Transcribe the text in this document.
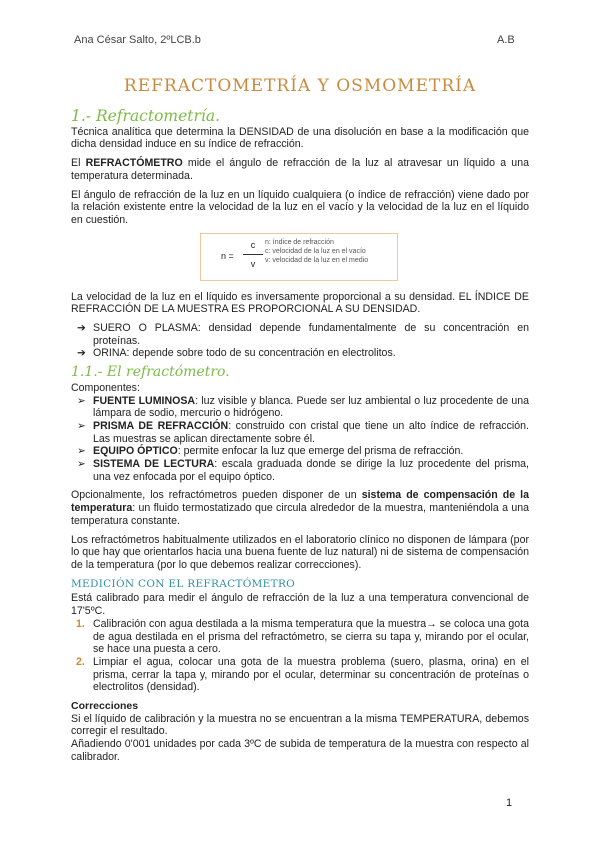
Ana César Salto, 2ºLCB.b	A.B
REFRACTOMETRÍA Y OSMOMETRÍA
1.- Refractometría.

Técnica analítica que determina la DENSIDAD de una disolución en base a la modificación que dicha densidad induce en su índice de refracción.

El REFRACTÓMETRO mide el ángulo de refracción de la luz al atravesar un líquido a una temperatura determinada.

El ángulo de refracción de la luz en un líquido cualquiera (o índice de refracción) viene dado por la relación existente entre la velocidad de la luz en el vacío y la velocidad de la luz en el líquido en cuestión.

n =
c
v
n: índice de refracción
c: velocidad de la luz en el vacío
v: velocidad de la luz en el medio

La velocidad de la luz en el líquido es inversamente proporcional a su densidad. EL ÍNDICE DE REFRACCIÓN DE LA MUESTRA ES PROPORCIONAL A SU DENSIDAD.

➔ SUERO O PLASMA: densidad depende fundamentalmente de su concentración en proteínas.
➔ ORINA: depende sobre todo de su concentración en electrolitos.
1.1.- El refractómetro.
Componentes:
➢ FUENTE LUMINOSA: luz visible y blanca. Puede ser luz ambiental o luz procedente de una lámpara de sodio, mercurio o hidrógeno.
➢ PRISMA DE REFRACCIÓN: construido con cristal que tiene un alto índice de refracción. Las muestras se aplican directamente sobre él.
➢ EQUIPO ÓPTICO: permite enfocar la luz que emerge del prisma de refracción.
➢ SISTEMA DE LECTURA: escala graduada donde se dirige la luz procedente del prisma, una vez enfocada por el equipo óptico.

Opcionalmente, los refractómetros pueden disponer de un sistema de compensación de la temperatura: un fluido termostatizado que circula alrededor de la muestra, manteniéndola a una temperatura constante.

Los refractómetros habitualmente utilizados en el laboratorio clínico no disponen de lámpara (por lo que hay que orientarlos hacia una buena fuente de luz natural) ni de sistema de compensación de la temperatura (por lo que debemos realizar correcciones).

MEDICIÓN CON EL REFRACTÓMETRO

Está calibrado para medir el ángulo de refracción de la luz a una temperatura convencional de 17'5ºC.

1. Calibración con agua destilada a la misma temperatura que la muestra→ se coloca una gota de agua destilada en el prisma del refractómetro, se cierra su tapa y, mirando por el ocular, se hace una puesta a cero.
2. Limpiar el agua, colocar una gota de la muestra problema (suero, plasma, orina) en el prisma, cerrar la tapa y, mirando por el ocular, determinar su concentración de proteínas o electrolitos (densidad).
Correcciones

Si el líquido de calibración y la muestra no se encuentran a la misma TEMPERATURA, debemos corregir el resultado.

Añadiendo 0'001 unidades por cada 3ºC de subida de temperatura de la muestra con respecto al calibrador.

1
